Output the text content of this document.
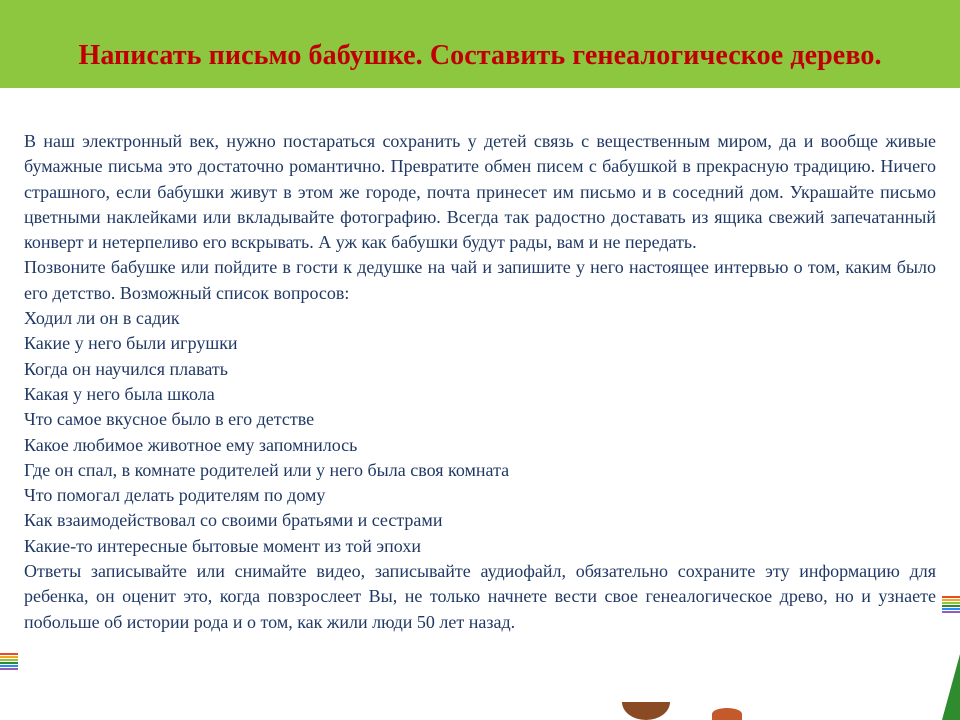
Написать письмо бабушке. Составить генеалогическое дерево.

В наш электронный век, нужно постараться сохранить у детей связь с вещественным миром, да и вообще живые бумажные письма это достаточно романтично. Превратите обмен писем с бабушкой в прекрасную традицию. Ничего страшного, если бабушки живут в этом же городе, почта принесет им письмо и в соседний дом. Украшайте письмо цветными наклейками или вкладывайте фотографию. Всегда так радостно доставать из ящика свежий запечатанный конверт и нетерпеливо его вскрывать. А уж как бабушки будут рады, вам и не передать.

Позвоните бабушке или пойдите в гости к дедушке на чай и запишите у него настоящее интервью о том, каким было его детство. Возможный список вопросов:

Ходил ли он в садик

Какие у него были игрушки

Когда он научился плавать

Какая у него была школа

Что самое вкусное было в его детстве

Какое любимое животное ему запомнилось

Где он спал, в комнате родителей или у него была своя комната

Что помогал делать родителям по дому

Как взаимодействовал со своими братьями и сестрами

Какие-то интересные бытовые момент из той эпохи

Ответы записывайте или снимайте видео, записывайте аудиофайл, обязательно сохраните эту информацию для ребенка, он оценит это, когда повзрослеет Вы, не только начнете вести свое генеалогическое древо, но и узнаете побольше об истории рода и о том, как жили люди 50 лет назад.
